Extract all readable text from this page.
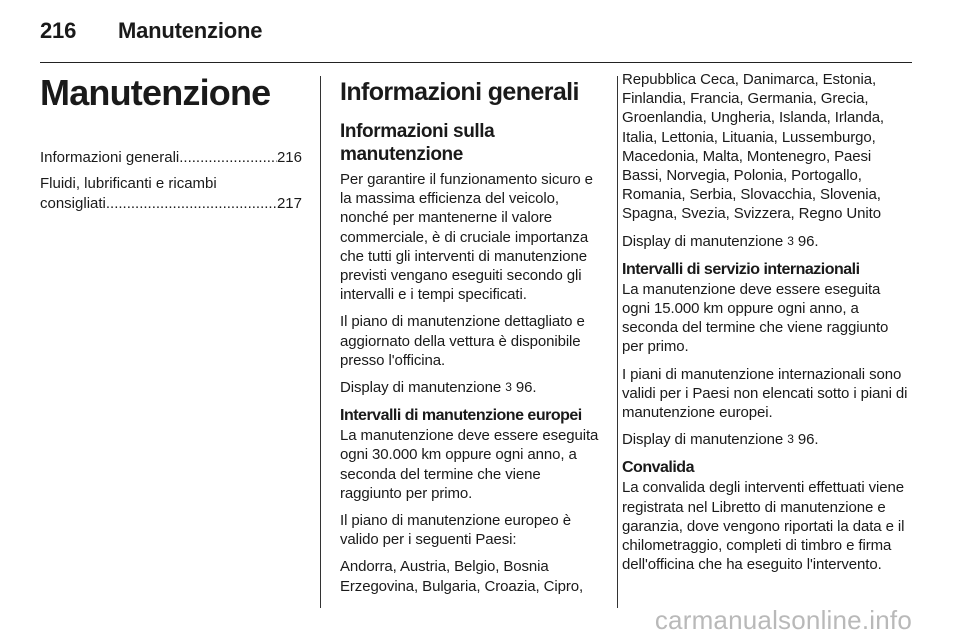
216	Manutenzione
Manutenzione
Informazioni generali .....	216
Fluidi, lubrificanti e ricambi
consigliati .....	217
Informazioni generali
Informazioni sulla manutenzione

Per garantire il funzionamento sicuro e la massima efficienza del veicolo, nonché per mantenerne il valore commerciale, è di cruciale importanza che tutti gli interventi di manutenzione previsti vengano eseguiti secondo gli intervalli e i tempi specificati.

Il piano di manutenzione dettagliato e aggiornato della vettura è disponibile presso l'officina.

Display di manutenzione 3 96.

Intervalli di manutenzione europei

La manutenzione deve essere eseguita ogni 30.000 km oppure ogni anno, a seconda del termine che viene raggiunto per primo.

Il piano di manutenzione europeo è valido per i seguenti Paesi:

Andorra, Austria, Belgio, Bosnia Erzegovina, Bulgaria, Croazia, Cipro,

Repubblica Ceca, Danimarca, Estonia, Finlandia, Francia, Germania, Grecia, Groenlandia, Ungheria, Islanda, Irlanda, Italia, Lettonia, Lituania, Lussemburgo, Macedonia, Malta, Montenegro, Paesi Bassi, Norvegia, Polonia, Portogallo, Romania, Serbia, Slovacchia, Slovenia, Spagna, Svezia, Svizzera, Regno Unito

Display di manutenzione 3 96.

Intervalli di servizio internazionali

La manutenzione deve essere eseguita ogni 15.000 km oppure ogni anno, a seconda del termine che viene raggiunto per primo.

I piani di manutenzione internazionali sono validi per i Paesi non elencati sotto i piani di manutenzione europei.

Display di manutenzione 3 96.

Convalida

La convalida degli interventi effettuati viene registrata nel Libretto di manutenzione e garanzia, dove vengono riportati la data e il chilometraggio, completi di timbro e firma dell'officina che ha eseguito l'intervento.

carmanualsonline.info
